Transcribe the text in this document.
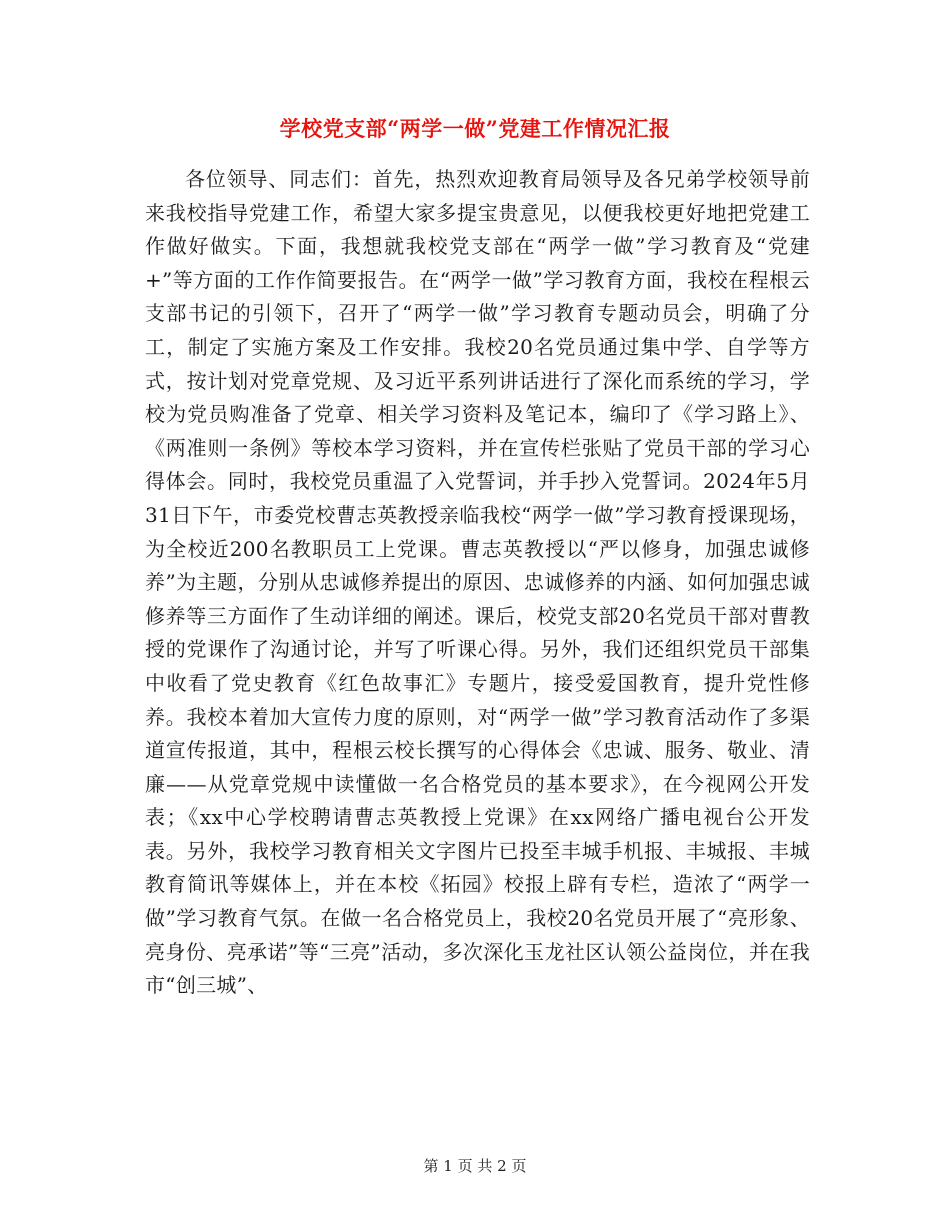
学校党支部“两学一做”党建工作情况汇报

各位领导、同志们：首先，热烈欢迎教育局领导及各兄弟学校领导前来我校指导党建工作，希望大家多提宝贵意见，以便我校更好地把党建工作做好做实。下面，我想就我校党支部在“两学一做”学习教育及“党建+”等方面的工作作简要报告。在“两学一做”学习教育方面，我校在程根云支部书记的引领下，召开了“两学一做”学习教育专题动员会，明确了分工，制定了实施方案及工作安排。我校20名党员通过集中学、自学等方式，按计划对党章党规、及习近平系列讲话进行了深化而系统的学习，学校为党员购准备了党章、相关学习资料及笔记本，编印了《学习路上》、《两准则一条例》等校本学习资料，并在宣传栏张贴了党员干部的学习心得体会。同时，我校党员重温了入党誓词，并手抄入党誓词。2024年5月31日下午，市委党校曹志英教授亲临我校“两学一做”学习教育授课现场，为全校近200名教职员工上党课。曹志英教授以“严以修身，加强忠诚修养”为主题，分别从忠诚修养提出的原因、忠诚修养的内涵、如何加强忠诚修养等三方面作了生动详细的阐述。课后，校党支部20名党员干部对曹教授的党课作了沟通讨论，并写了听课心得。另外，我们还组织党员干部集中收看了党史教育《红色故事汇》专题片，接受爱国教育，提升党性修养。我校本着加大宣传力度的原则，对“两学一做”学习教育活动作了多渠道宣传报道，其中，程根云校长撰写的心得体会《忠诚、服务、敬业、清廉——从党章党规中读懂做一名合格党员的基本要求》，在今视网公开发表；《xx中心学校聘请曹志英教授上党课》在xx网络广播电视台公开发表。另外，我校学习教育相关文字图片已投至丰城手机报、丰城报、丰城教育简讯等媒体上，并在本校《拓园》校报上辟有专栏，造浓了“两学一做”学习教育气氛。在做一名合格党员上，我校20名党员开展了“亮形象、亮身份、亮承诺”等“三亮”活动，多次深化玉龙社区认领公益岗位，并在我市“创三城”、

第 1 页 共 2 页
